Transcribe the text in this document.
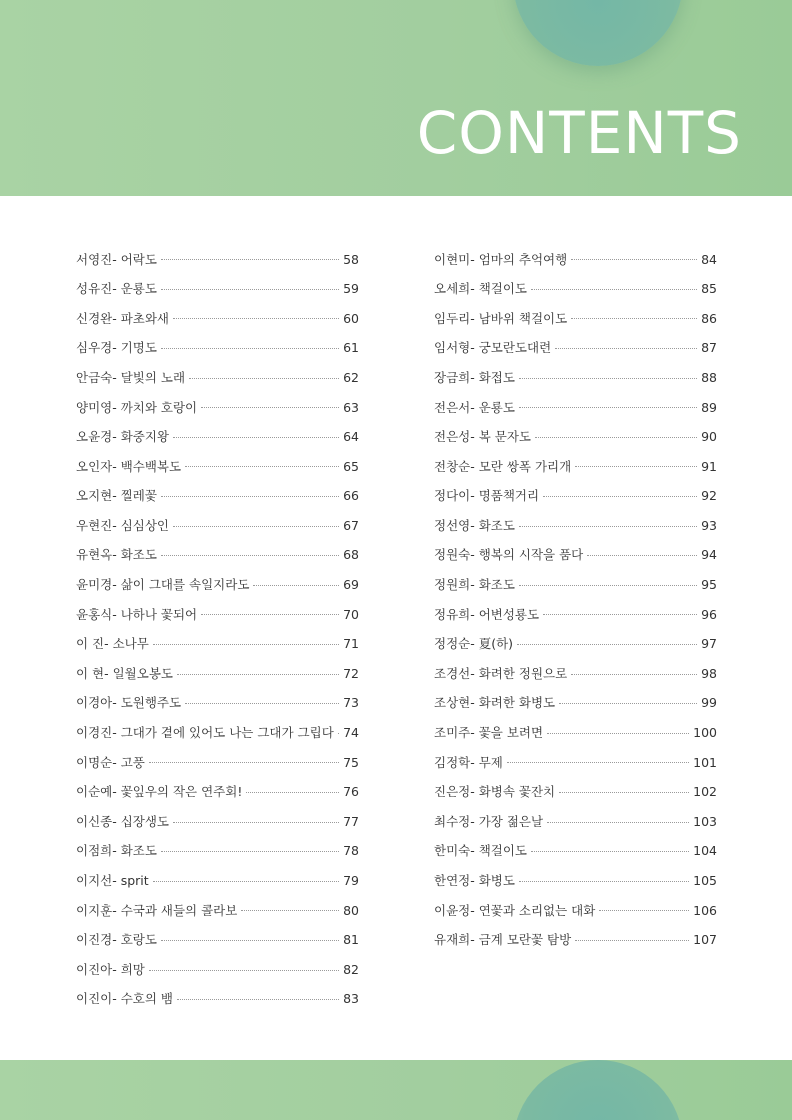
CONTENTS
서영진- 어락도	58
성유진- 운룡도	59
신경완- 파초와새	60
심우경- 기명도	61
안금숙- 달빛의 노래	62
양미영- 까치와 호랑이	63
오윤경- 화중지왕	64
오인자- 백수백복도	65
오지현- 찔레꽃	66
우현진- 심심상인	67
유현옥- 화조도	68
윤미경- 삶이 그대를 속일지라도	69
윤홍식- 나하나 꽃되어	70
이 진- 소나무	71
이 현- 일월오봉도	72
이경아- 도원행주도	73
이경진- 그대가 곁에 있어도 나는 그대가 그립다 74
이명순- 고풍	75
이순예- 꽃잎우의 작은 연주회!	76
이신종- 십장생도	77
이점희- 화조도	78
이지선- sprit	79
이지훈- 수국과 새들의 콜라보	80
이진경- 호랑도	81
이진아- 희망	82
이진이- 수호의 뱀	83
이현미- 엄마의 추억여행	84
오세희- 책걸이도	85
임두리- 남바위 책걸이도	86
임서형- 궁모란도대련	87
장금희- 화접도	88
전은서- 운룡도	89
전은성- 복 문자도	90
전창순- 모란 쌍폭 가리개	91
정다이- 명품책거리	92
정선영- 화조도	93
정원숙- 행복의 시작을 품다	94
정원희- 화조도	95
정유희- 어변성룡도	96
정정순- 夏(하)	97
조경선- 화려한 정원으로	98
조상현- 화려한 화병도	99
조미주- 꽃을 보려면	100
김정학- 무제	101
진은정- 화병속 꽃잔치	102
최수정- 가장 젊은날	103
한미숙- 책걸이도	104
한연정- 화병도	105
이윤정- 연꽃과 소리없는 대화	106
유재희- 금계 모란꽃 탐방	107
